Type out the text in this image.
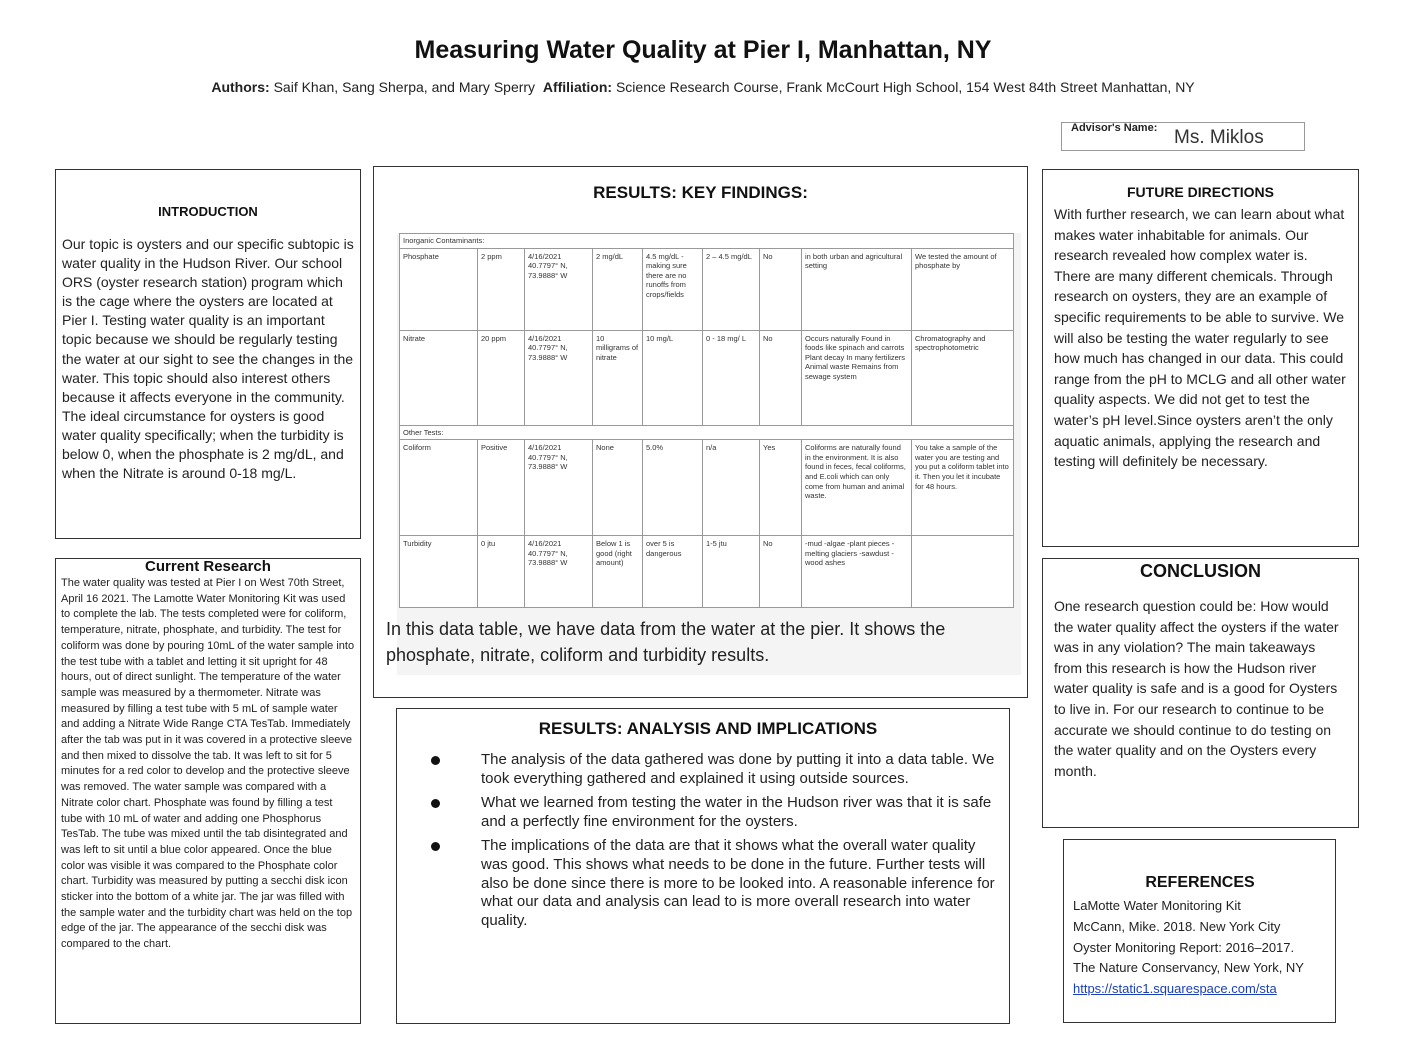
Measuring Water Quality at Pier I, Manhattan, NY
Authors: Saif Khan, Sang Sherpa, and Mary Sperry Affiliation: Science Research Course, Frank McCourt High School, 154 West 84th Street Manhattan, NY
Advisor's Name: Ms. Miklos
INTRODUCTION
Our topic is oysters and our specific subtopic is water quality in the Hudson River. Our school ORS (oyster research station) program which is the cage where the oysters are located at Pier I. Testing water quality is an important topic because we should be regularly testing the water at our sight to see the changes in the water. This topic should also interest others because it affects everyone in the community. The ideal circumstance for oysters is good water quality specifically; when the turbidity is below 0, when the phosphate is 2 mg/dL, and when the Nitrate is around 0-18 mg/L.
Current Research
The water quality was tested at Pier I on West 70th Street, April 16 2021. The Lamotte Water Monitoring Kit was used to complete the lab. The tests completed were for coliform, temperature, nitrate, phosphate, and turbidity. The test for coliform was done by pouring 10mL of the water sample into the test tube with a tablet and letting it sit upright for 48 hours, out of direct sunlight. The temperature of the water sample was measured by a thermometer. Nitrate was measured by filling a test tube with 5 mL of sample water and adding a Nitrate Wide Range CTA TesTab. Immediately after the tab was put in it was covered in a protective sleeve and then mixed to dissolve the tab. It was left to sit for 5 minutes for a red color to develop and the protective sleeve was removed. The water sample was compared with a Nitrate color chart. Phosphate was found by filling a test tube with 10 mL of water and adding one Phosphorus TesTab. The tube was mixed until the tab disintegrated and was left to sit until a blue color appeared. Once the blue color was visible it was compared to the Phosphate color chart. Turbidity was measured by putting a secchi disk icon sticker into the bottom of a white jar. The jar was filled with the sample water and the turbidity chart was held on the top edge of the jar. The appearance of the secchi disk was compared to the chart.
RESULTS: KEY FINDINGS:
Inorganic Contaminants:								
Phosphate	2 ppm	4/16/2021 40.7797° N, 73.9888° W	2 mg/dL	4.5 mg/dL -making sure there are no runoffs from crops/fields	2 – 4.5 mg/dL	No	in both urban and agricultural setting	We tested the amount of phosphate by
Nitrate	20 ppm	4/16/2021 40.7797° N, 73.9888° W	10 milligrams of nitrate	10 mg/L	0 - 18 mg/ L	No	Occurs naturally Found in foods like spinach and carrots Plant decay In many fertilizers Animal waste Remains from sewage system	Chromatography and spectrophotometric
Other Tests:								
Coliform	Positive	4/16/2021 40.7797° N, 73.9888° W	None	5.0%	n/a	Yes	Coliforms are naturally found in the environment. It is also found in feces, fecal coliforms, and E.coli which can only come from human and animal waste.	You take a sample of the water you are testing and you put a coliform tablet into it. Then you let it incubate for 48 hours.
Turbidity	0 jtu	4/16/2021 40.7797° N, 73.9888° W	Below 1 is good (right amount)	over 5 is dangerous	1-5 jtu	No	-mud -algae -plant pieces -melting glaciers -sawdust -wood ashes	
In this data table, we have data from the water at the pier. It shows the phosphate, nitrate, coliform and turbidity results.
RESULTS: ANALYSIS AND IMPLICATIONS
The analysis of the data gathered was done by putting it into a data table. We took everything gathered and explained it using outside sources.
What we learned from testing the water in the Hudson river was that it is safe and a perfectly fine environment for the oysters.
The implications of the data are that it shows what the overall water quality was good. This shows what needs to be done in the future. Further tests will also be done since there is more to be looked into. A reasonable inference for what our data and analysis can lead to is more overall research into water quality.
FUTURE DIRECTIONS
With further research, we can learn about what makes water inhabitable for animals. Our research revealed how complex water is. There are many different chemicals. Through research on oysters, they are an example of specific requirements to be able to survive. We will also be testing the water regularly to see how much has changed in our data. This could range from the pH to MCLG and all other water quality aspects. We did not get to test the water’s pH level.Since oysters aren’t the only aquatic animals, applying the research and testing will definitely be necessary.
CONCLUSION
One research question could be: How would the water quality affect the oysters if the water was in any violation? The main takeaways from this research is how the Hudson river water quality is safe and is a good for Oysters to live in. For our research to continue to be accurate we should continue to do testing on the water quality and on the Oysters every month.
REFERENCES
LaMotte Water Monitoring Kit
McCann, Mike. 2018. New York City
Oyster Monitoring Report: 2016–2017.
The Nature Conservancy, New York, NY
https://static1.squarespace.com/sta
